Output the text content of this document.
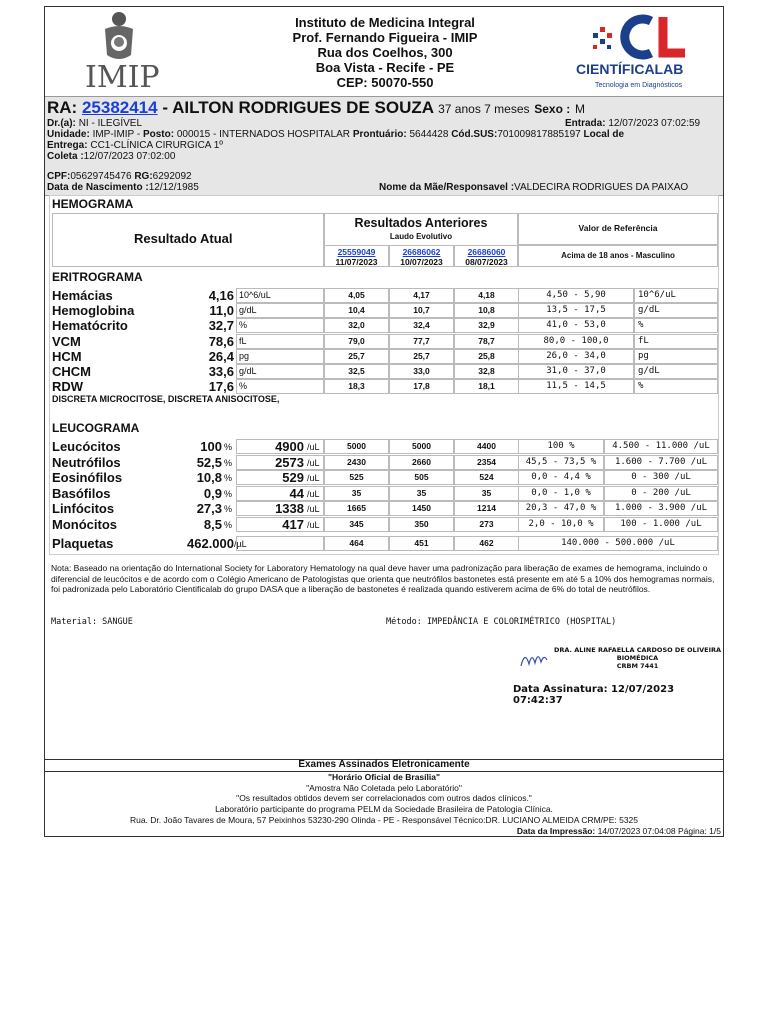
IMIP
Instituto de Medicina Integral
Prof. Fernando Figueira - IMIP
Rua dos Coelhos, 300
Boa Vista - Recife - PE
CEP: 50070-550
CIENTÍFICALAB
Tecnologia em Diagnósticos
RA: 25382414 - AILTON RODRIGUES DE SOUZA 37 anos 7 meses Sexo : M
Dr.(a): NI - ILEGÍVEL	Entrada: 12/07/2023 07:02:59
Unidade: IMP-IMIP - Posto: 000015 - INTERNADOS HOSPITALAR Prontuário: 5644428 Cód.SUS:701009817885197 Local de
Entrega: CC1-CLÍNICA CIRURGICA 1º
Coleta :12/07/2023 07:02:00
CPF:05629745476 RG:6292092
Data de Nascimento :12/12/1985	Nome da Mãe/Responsavel :VALDECIRA RODRIGUES DA PAIXAO
HEMOGRAMA
Resultado Atual
Resultados Anteriores
Laudo Evolutivo
Valor de Referência
Acima de 18 anos - Masculino
25559049
11/07/2023
26686062
10/07/2023
26686060
08/07/2023
ERITROGRAMA
Hemácias	4,16 10^6/uL	4,05	4,17	4,18	4,50 - 5,90	10^6/uL
Hemoglobina	11,0 g/dL	10,4	10,7	10,8	13,5 - 17,5	g/dL
Hematócrito	32,7 %	32,0	32,4	32,9	41,0 - 53,0	%
VCM	78,6 fL	79,0	77,7	78,7	80,0 - 100,0	fL
HCM	26,4 pg	25,7	25,7	25,8	26,0 - 34,0	pg
CHCM	33,6 g/dL	32,5	33,0	32,8	31,0 - 37,0	g/dL
RDW	17,6 %	18,3	17,8	18,1	11,5 - 14,5	%
DISCRETA MICROCITOSE, DISCRETA ANISOCITOSE,
LEUCOGRAMA
Leucócitos	100 %	4900 /uL	5000	5000	4400	100 %	4.500 - 11.000 /uL
Neutrófilos	52,5 %	2573 /uL	2430	2660	2354	45,5 - 73,5 %	1.600 - 7.700 /uL
Eosinófilos	10,8 %	529 /uL	525	505	524	0,0 - 4,4 %	0 - 300 /uL
Basófilos	0,9 %	44 /uL	35	35	35	0,0 - 1,0 %	0 - 200 /uL
Linfócitos	27,3 %	1338 /uL	1665	1450	1214	20,3 - 47,0 %	1.000 - 3.900 /uL
Monócitos	8,5 %	417 /uL	345	350	273	2,0 - 10,0 %	100 - 1.000 /uL
Plaquetas	462.000 /µL	464	451	462	140.000 - 500.000 /uL
Nota: Baseado na orientação do International Society for Laboratory Hematology na qual deve haver uma padronização para liberação de exames de hemograma, incluindo o diferencial de leucócitos e de acordo com o Colégio Americano de Patologistas que orienta que neutrófilos bastonetes está presente em até 5 a 10% dos hemogramas normais, foi padronizada pelo Laboratório Cientificalab do grupo DASA que a liberação de bastonetes é realizada quando estiverem acima de 6% do total de neutrófilos.
Material: SANGUE	Método: IMPEDÂNCIA E COLORIMÉTRICO (HOSPITAL)
DRA. ALINE RAFAELLA CARDOSO DE OLIVEIRA
BIOMÉDICA
CRBM 7441
Data Assinatura: 12/07/2023 07:42:37
Exames Assinados Eletronicamente
"Horário Oficial de Brasília"
"Amostra Não Coletada pelo Laboratório"
"Os resultados obtidos devem ser correlacionados com outros dados clínicos."
Laboratório participante do programa PELM da Sociedade Brasileira de Patologia Clínica.
Rua. Dr. João Tavares de Moura, 57 Peixinhos 53230-290 Olinda - PE - Responsável Técnico:DR. LUCIANO ALMEIDA CRM/PE: 5325
Data da Impressão: 14/07/2023 07:04:08 Página: 1/5
